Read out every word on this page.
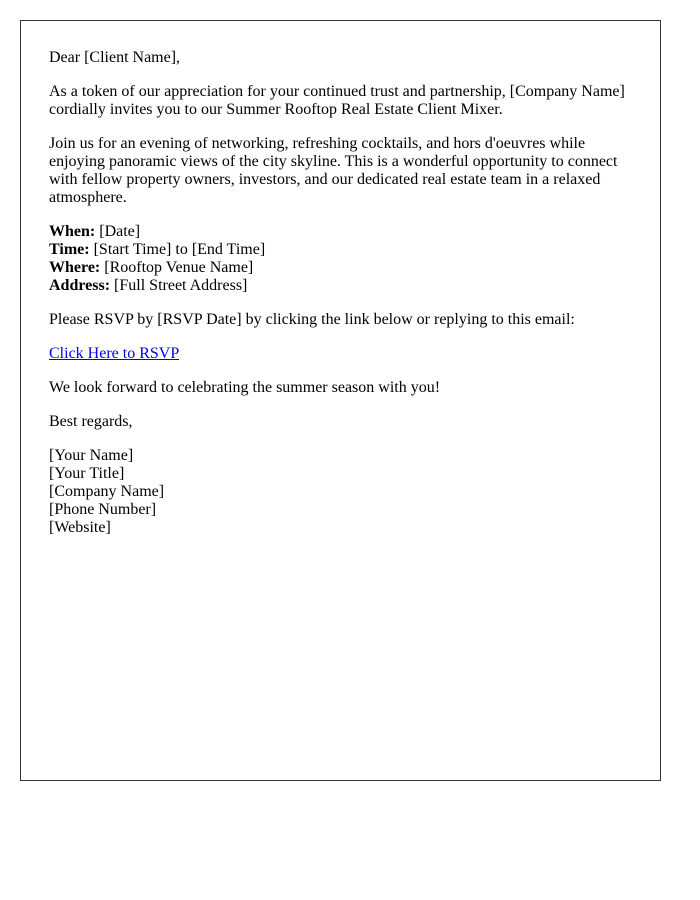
Dear [Client Name],

As a token of our appreciation for your continued trust and partnership, [Company Name] cordially invites you to our Summer Rooftop Real Estate Client Mixer.

Join us for an evening of networking, refreshing cocktails, and hors d'oeuvres while enjoying panoramic views of the city skyline. This is a wonderful opportunity to connect with fellow property owners, investors, and our dedicated real estate team in a relaxed atmosphere.

When: [Date]

Time: [Start Time] to [End Time]

Where: [Rooftop Venue Name]

Address: [Full Street Address]

Please RSVP by [RSVP Date] by clicking the link below or replying to this email:

Click Here to RSVP

We look forward to celebrating the summer season with you!

Best regards,

[Your Name]

[Your Title]

[Company Name]

[Phone Number]

[Website]
